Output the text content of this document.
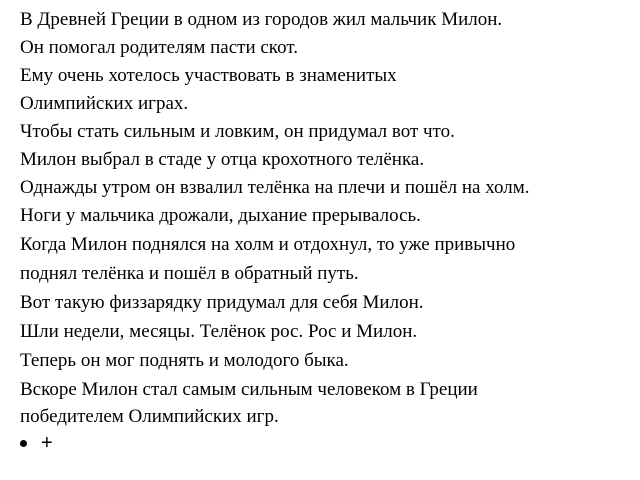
В Древней Греции в одном из городов жил мальчик Милон.
Он помогал родителям пасти скот.
Ему очень хотелось участвовать в знаменитых
Олимпийских играх.
Чтобы стать сильным и ловким, он придумал вот что.
Милон выбрал в стаде у отца крохотного телёнка.
Однажды утром он взвалил телёнка на плечи и пошёл на холм.
Ноги у мальчика дрожали, дыхание прерывалось.
Когда Милон поднялся на холм и отдохнул, то уже привычно
поднял телёнка и пошёл в обратный путь.
Вот такую физзарядку придумал для себя Милон.
Шли недели, месяцы. Телёнок рос. Рос и Милон.
Теперь он мог поднять и молодого быка.
Вскоре Милон стал самым сильным человеком в Греции
победителем Олимпийских игр.
+
